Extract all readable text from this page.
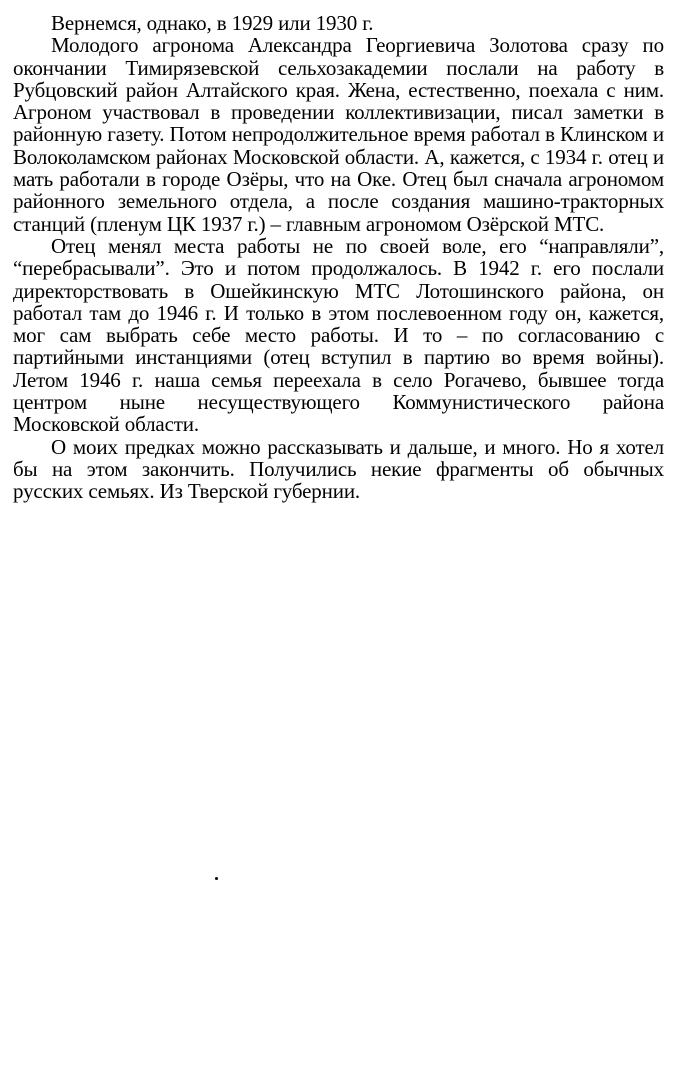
Вернемся, однако, в 1929 или 1930 г.

Молодого агронома Александра Георгиевича Золотова сразу по окончании Тимирязевской сельхозакадемии послали на работу в Рубцовский район Алтайского края. Жена, естественно, поехала с ним. Агроном участвовал в проведении коллективизации, писал заметки в районную газету. Потом непродолжительное время работал в Клинском и Волоколамском районах Московской области. А, кажется, с 1934 г. отец и мать работали в городе Озёры, что на Оке. Отец был сначала агрономом районного земельного отдела, а после создания машино-тракторных станций (пленум ЦК 1937 г.) – главным агрономом Озёрской МТС.

Отец менял места работы не по своей воле, его “направляли”, “перебрасывали”. Это и потом продолжалось. В 1942 г. его послали директорствовать в Ошейкинскую МТС Лотошинского района, он работал там до 1946 г. И только в этом послевоенном году он, кажется, мог сам выбрать себе место работы. И то – по согласованию с партийными инстанциями (отец вступил в партию во время войны). Летом 1946 г. наша семья переехала в село Рогачево, бывшее тогда центром ныне несуществующего Коммунистического района Московской области.

О моих предках можно рассказывать и дальше, и много. Но я хотел бы на этом закончить. Получились некие фрагменты об обычных русских семьях. Из Тверской губернии.
